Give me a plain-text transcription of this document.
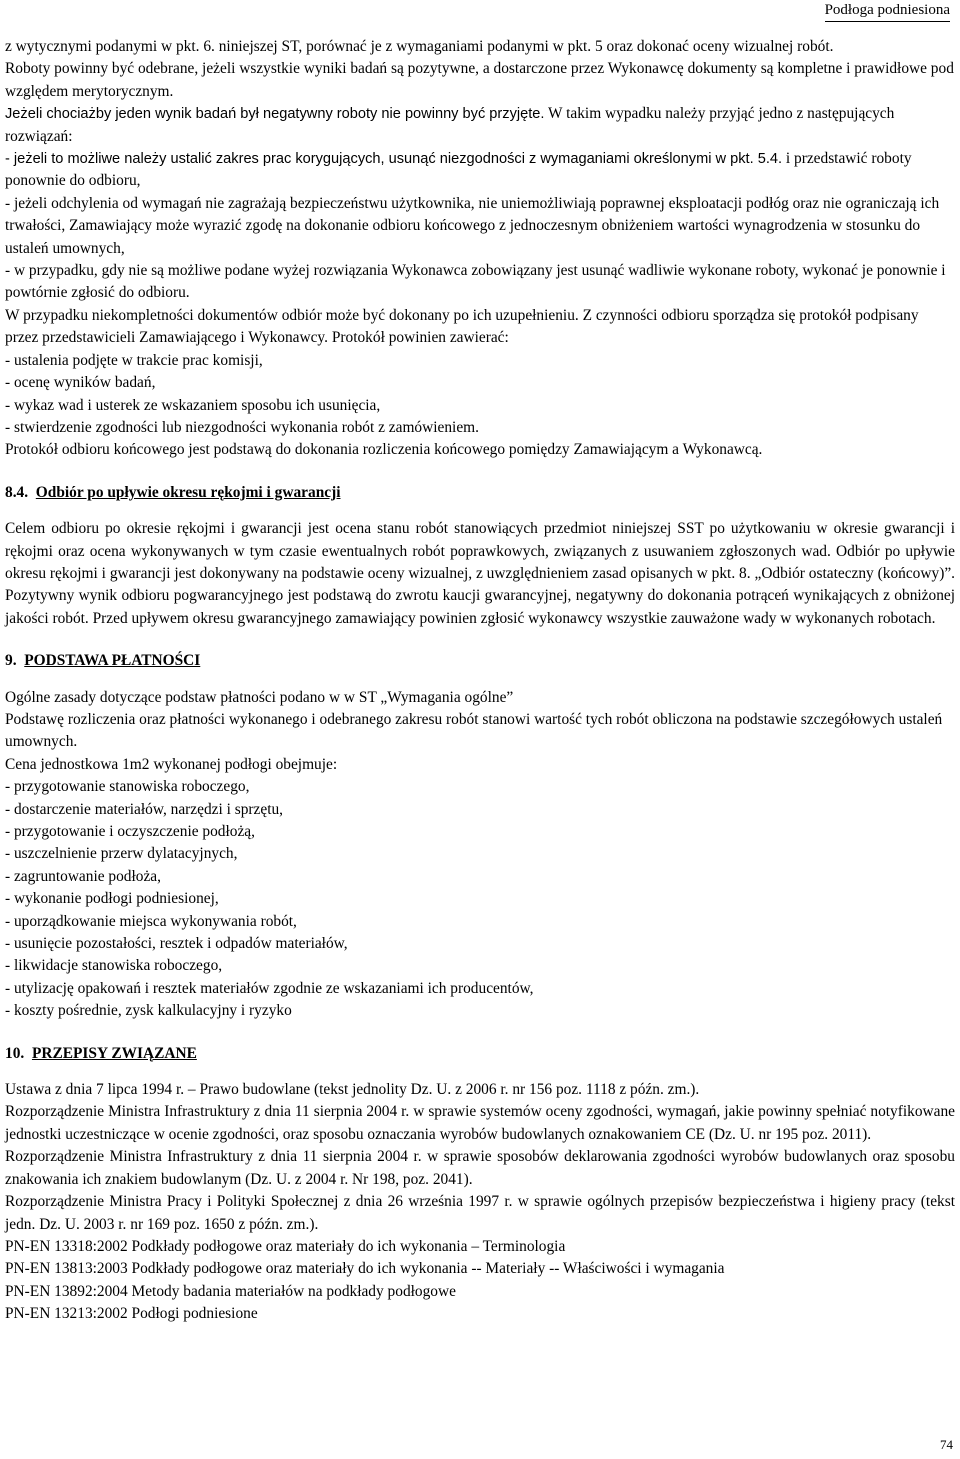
Podłoga podniesiona

z wytycznymi podanymi w pkt. 6. niniejszej ST, porównać je z wymaganiami podanymi w pkt. 5 oraz dokonać oceny wizualnej robót.

Roboty powinny być odebrane, jeżeli wszystkie wyniki badań są pozytywne, a dostarczone przez Wykonawcę dokumenty są kompletne i prawidłowe pod względem merytorycznym.

Jeżeli chociażby jeden wynik badań był negatywny roboty nie powinny być przyjęte. W takim wypadku należy przyjąć jedno z następujących rozwiązań:

- jeżeli to możliwe należy ustalić zakres prac korygujących, usunąć niezgodności z wymaganiami określonymi w pkt. 5.4. i przedstawić roboty ponownie do odbioru,

- jeżeli odchylenia od wymagań nie zagrażają bezpieczeństwu użytkownika, nie uniemożliwiają poprawnej eksploatacji podłóg oraz nie ograniczają ich trwałości, Zamawiający może wyrazić zgodę na dokonanie odbioru końcowego z jednoczesnym obniżeniem wartości wynagrodzenia w stosunku do ustaleń umownych,

- w przypadku, gdy nie są możliwe podane wyżej rozwiązania Wykonawca zobowiązany jest usunąć wadliwie wykonane roboty, wykonać je ponownie i powtórnie zgłosić do odbioru.

W przypadku niekompletności dokumentów odbiór może być dokonany po ich uzupełnieniu. Z czynności odbioru sporządza się protokół podpisany przez przedstawicieli Zamawiającego i Wykonawcy. Protokół powinien zawierać:

- ustalenia podjęte w trakcie prac komisji,

- ocenę wyników badań,

- wykaz wad i usterek ze wskazaniem sposobu ich usunięcia,

- stwierdzenie zgodności lub niezgodności wykonania robót z zamówieniem.

Protokół odbioru końcowego jest podstawą do dokonania rozliczenia końcowego pomiędzy Zamawiającym a Wykonawcą.

8.4. Odbiór po upływie okresu rękojmi i gwarancji

Celem odbioru po okresie rękojmi i gwarancji jest ocena stanu robót stanowiących przedmiot niniejszej SST po użytkowaniu w okresie gwarancji i rękojmi oraz ocena wykonywanych w tym czasie ewentualnych robót poprawkowych, związanych z usuwaniem zgłoszonych wad. Odbiór po upływie okresu rękojmi i gwarancji jest dokonywany na podstawie oceny wizualnej, z uwzględnieniem zasad opisanych w pkt. 8. „Odbiór ostateczny (końcowy)”. Pozytywny wynik odbioru pogwarancyjnego jest podstawą do zwrotu kaucji gwarancyjnej, negatywny do dokonania potrąceń wynikających z obniżonej jakości robót. Przed upływem okresu gwarancyjnego zamawiający powinien zgłosić wykonawcy wszystkie zauważone wady w wykonanych robotach.

9. PODSTAWA PŁATNOŚCI

Ogólne zasady dotyczące podstaw płatności podano w w ST „Wymagania ogólne”

Podstawę rozliczenia oraz płatności wykonanego i odebranego zakresu robót stanowi wartość tych robót obliczona na podstawie szczegółowych ustaleń umownych.

Cena jednostkowa 1m2 wykonanej podłogi obejmuje:

- przygotowanie stanowiska roboczego,

- dostarczenie materiałów, narzędzi i sprzętu,

- przygotowanie i oczyszczenie podłożą,

- uszczelnienie przerw dylatacyjnych,

- zagruntowanie podłoża,

- wykonanie podłogi podniesionej,

- uporządkowanie miejsca wykonywania robót,

- usunięcie pozostałości, resztek i odpadów materiałów,

- likwidacje stanowiska roboczego,

- utylizację opakowań i resztek materiałów zgodnie ze wskazaniami ich producentów,

- koszty pośrednie, zysk kalkulacyjny i ryzyko

10. PRZEPISY ZWIĄZANE

Ustawa z dnia 7 lipca 1994 r. – Prawo budowlane (tekst jednolity Dz. U. z 2006 r. nr 156 poz. 1118 z późn. zm.).

Rozporządzenie Ministra Infrastruktury z dnia 11 sierpnia 2004 r. w sprawie systemów oceny zgodności, wymagań, jakie powinny spełniać notyfikowane jednostki uczestniczące w ocenie zgodności, oraz sposobu oznaczania wyrobów budowlanych oznakowaniem CE (Dz. U. nr 195 poz. 2011).

Rozporządzenie Ministra Infrastruktury z dnia 11 sierpnia 2004 r. w sprawie sposobów deklarowania zgodności wyrobów budowlanych oraz sposobu znakowania ich znakiem budowlanym (Dz. U. z 2004 r. Nr 198, poz. 2041).

Rozporządzenie Ministra Pracy i Polityki Społecznej z dnia 26 września 1997 r. w sprawie ogólnych przepisów bezpieczeństwa i higieny pracy (tekst jedn. Dz. U. 2003 r. nr 169 poz. 1650 z późn. zm.).

PN-EN 13318:2002 Podkłady podłogowe oraz materiały do ich wykonania – Terminologia

PN-EN 13813:2003 Podkłady podłogowe oraz materiały do ich wykonania -- Materiały -- Właściwości i wymagania

PN-EN 13892:2004 Metody badania materiałów na podkłady podłogowe

PN-EN 13213:2002 Podłogi podniesione

74
